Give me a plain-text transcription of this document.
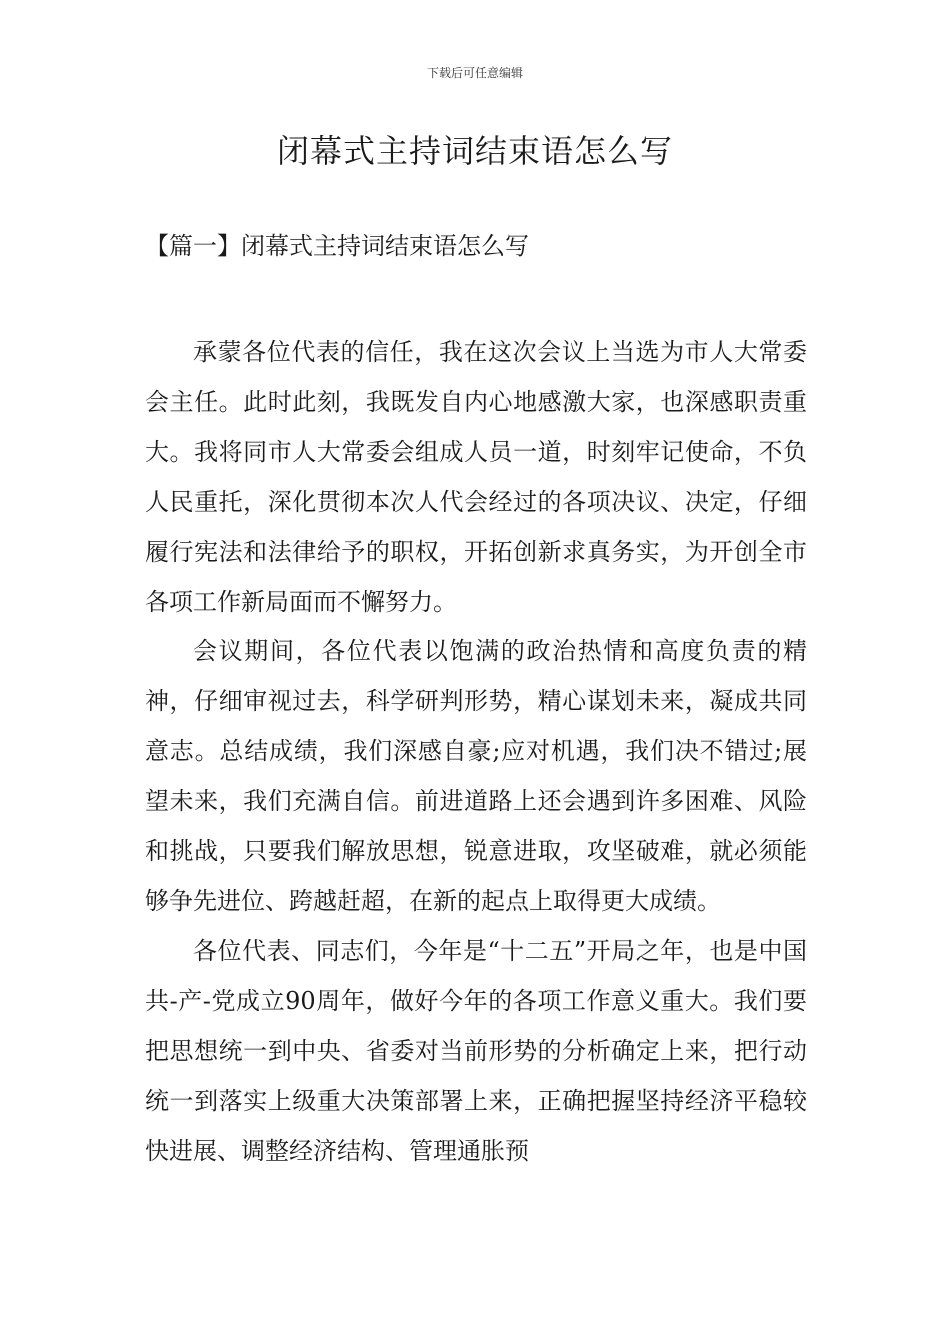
下载后可任意编辑
闭幕式主持词结束语怎么写
【篇一】闭幕式主持词结束语怎么写

承蒙各位代表的信任，我在这次会议上当选为市人大常委会主任。此时此刻，我既发自内心地感激大家，也深感职责重大。我将同市人大常委会组成人员一道，时刻牢记使命，不负人民重托，深化贯彻本次人代会经过的各项决议、决定，仔细履行宪法和法律给予的职权，开拓创新求真务实，为开创全市各项工作新局面而不懈努力。

会议期间，各位代表以饱满的政治热情和高度负责的精神，仔细审视过去，科学研判形势，精心谋划未来，凝成共同意志。总结成绩，我们深感自豪;应对机遇，我们决不错过;展望未来，我们充满自信。前进道路上还会遇到许多困难、风险和挑战，只要我们解放思想，锐意进取，攻坚破难，就必须能够争先进位、跨越赶超，在新的起点上取得更大成绩。

各位代表、同志们，今年是“十二五”开局之年，也是中国共-产-党成立90周年，做好今年的各项工作意义重大。我们要把思想统一到中央、省委对当前形势的分析确定上来，把行动统一到落实上级重大决策部署上来，正确把握坚持经济平稳较快进展、调整经济结构、管理通胀预
